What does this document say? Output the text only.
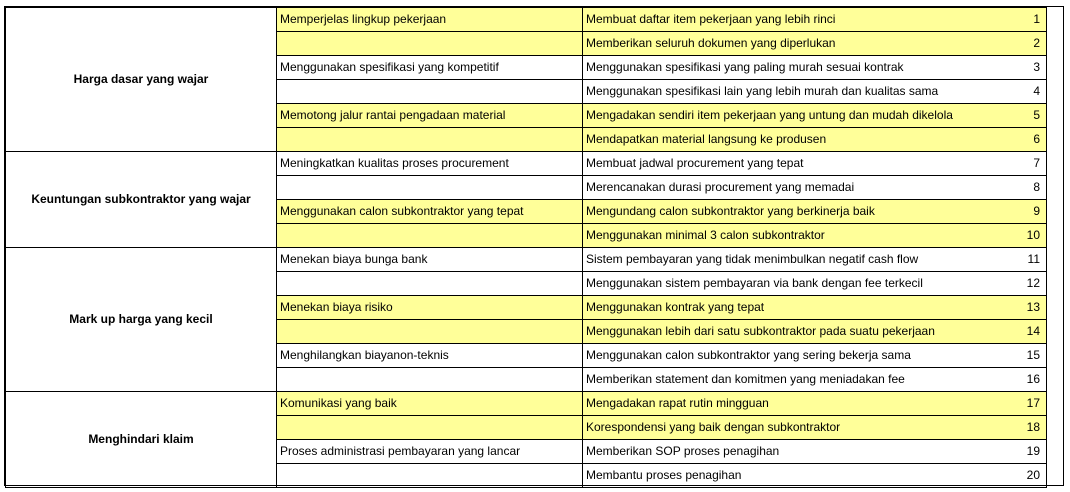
Harga dasar yang wajar	Memperjelas lingkup pekerjaan	Membuat daftar item pekerjaan yang lebih rinci	1
		Memberikan seluruh dokumen yang diperlukan	2
	Menggunakan spesifikasi yang kompetitif	Menggunakan spesifikasi yang paling murah sesuai kontrak	3
		Menggunakan spesifikasi lain yang lebih murah dan kualitas sama	4
	Memotong jalur rantai pengadaan material	Mengadakan sendiri item pekerjaan yang untung dan mudah dikelola	5
		Mendapatkan material langsung ke produsen	6
Keuntungan subkontraktor yang wajar	Meningkatkan kualitas proses procurement	Membuat jadwal procurement yang tepat	7
		Merencanakan durasi procurement yang memadai	8
	Menggunakan calon subkontraktor yang tepat	Mengundang calon subkontraktor yang berkinerja baik	9
		Menggunakan minimal 3 calon subkontraktor	10
Mark up harga yang kecil	Menekan biaya bunga bank	Sistem pembayaran yang tidak menimbulkan negatif cash flow	11
		Menggunakan sistem pembayaran via bank dengan fee terkecil	12
	Menekan biaya risiko	Menggunakan kontrak yang tepat	13
		Menggunakan lebih dari satu subkontraktor pada suatu pekerjaan	14
	Menghilangkan biayanon-teknis	Menggunakan calon subkontraktor yang sering bekerja sama	15
		Memberikan statement dan komitmen yang meniadakan fee	16
Menghindari klaim	Komunikasi yang baik	Mengadakan rapat rutin mingguan	17
		Korespondensi yang baik dengan subkontraktor	18
	Proses administrasi pembayaran yang lancar	Memberikan SOP proses penagihan	19
		Membantu proses penagihan	20
